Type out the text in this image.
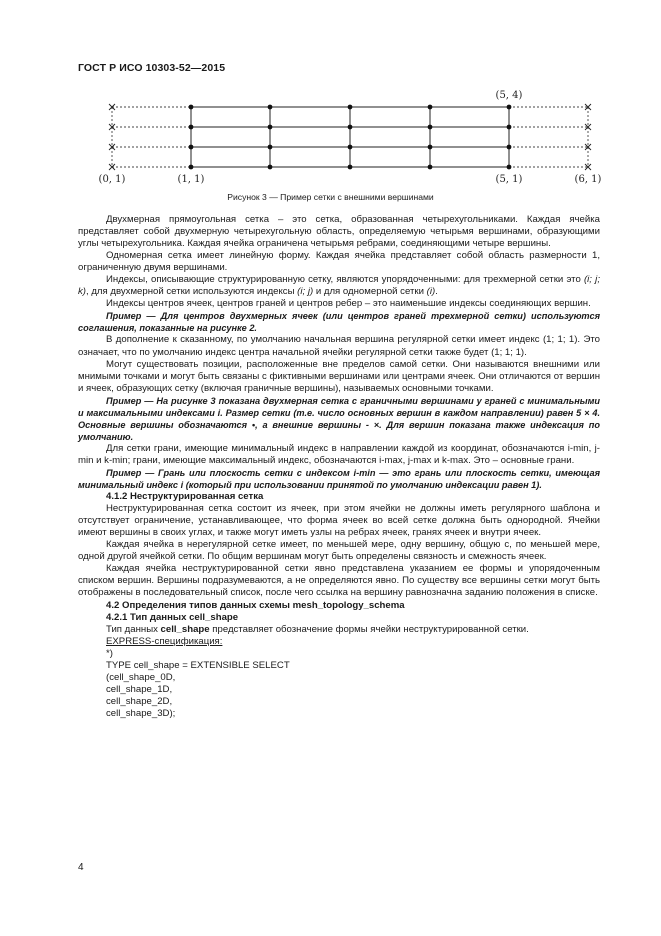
ГОСТ Р ИСО 10303-52—2015
(5, 4)
(0, 1)	(1, 1)	(5, 1)	(6, 1)
Рисунок 3 — Пример сетки с внешними вершинами

Двухмерная прямоугольная сетка – это сетка, образованная четырехугольниками. Каждая ячейка представляет собой двухмерную четырехугольную область, определяемую четырьмя вершинами, образующими углы четырехугольника. Каждая ячейка ограничена четырьмя ребрами, соединяющими четыре вершины.

Одномерная сетка имеет линейную форму. Каждая ячейка представляет собой область размерности 1, ограниченную двумя вершинами.

Индексы, описывающие структурированную сетку, являются упорядоченными: для трехмерной сетки это (i; j; k), для двухмерной сетки используются индексы (i; j) и для одномерной сетки (i).

Индексы центров ячеек, центров граней и центров ребер – это наименьшие индексы соединяющих вершин.

Пример — Для центров двухмерных ячеек (или центров граней трехмерной сетки) используются соглашения, показанные на рисунке 2.

В дополнение к сказанному, по умолчанию начальная вершина регулярной сетки имеет индекс (1; 1; 1). Это означает, что по умолчанию индекс центра начальной ячейки регулярной сетки также будет (1; 1; 1).

Могут существовать позиции, расположенные вне пределов самой сетки. Они называются внешними или мнимыми точками и могут быть связаны с фиктивными вершинами или центрами ячеек. Они отличаются от вершин и ячеек, образующих сетку (включая граничные вершины), называемых основными точками.

Пример — На рисунке 3 показана двухмерная сетка с граничными вершинами у граней с минимальными и максимальными индексами i. Размер сетки (т.е. число основных вершин в каждом направлении) равен 5 × 4. Основные вершины обозначаются •, а внешние вершины - ×. Для вершин показана также индексация по умолчанию.

Для сетки грани, имеющие минимальный индекс в направлении каждой из координат, обозначаются i-min, j-min и k-min; грани, имеющие максимальный индекс, обозначаются i-max, j-max и k-max. Это – основные грани.

Пример — Грань или плоскость сетки с индексом i-min — это грань или плоскость сетки, имеющая минимальный индекс i (который при использовании принятой по умолчанию индексации равен 1).

4.1.2 Неструктурированная сетка

Неструктурированная сетка состоит из ячеек, при этом ячейки не должны иметь регулярного шаблона и отсутствует ограничение, устанавливающее, что форма ячеек во всей сетке должна быть однородной. Ячейки имеют вершины в своих углах, и также могут иметь узлы на ребрах ячеек, гранях ячеек и внутри ячеек.

Каждая ячейка в нерегулярной сетке имеет, по меньшей мере, одну вершину, общую с, по меньшей мере, одной другой ячейкой сетки. По общим вершинам могут быть определены связность и смежность ячеек.

Каждая ячейка неструктурированной сетки явно представлена указанием ее формы и упорядоченным списком вершин. Вершины подразумеваются, а не определяются явно. По существу все вершины сетки могут быть отображены в последовательный список, после чего ссылка на вершину равнозначна заданию положения в списке.

4.2 Определения типов данных схемы mesh_topology_schema

4.2.1 Тип данных cell_shape

Тип данных cell_shape представляет обозначение формы ячейки неструктурированной сетки.

EXPRESS-спецификация:

*)

TYPE cell_shape = EXTENSIBLE SELECT

(cell_shape_0D,

cell_shape_1D,

cell_shape_2D,

cell_shape_3D);

4
